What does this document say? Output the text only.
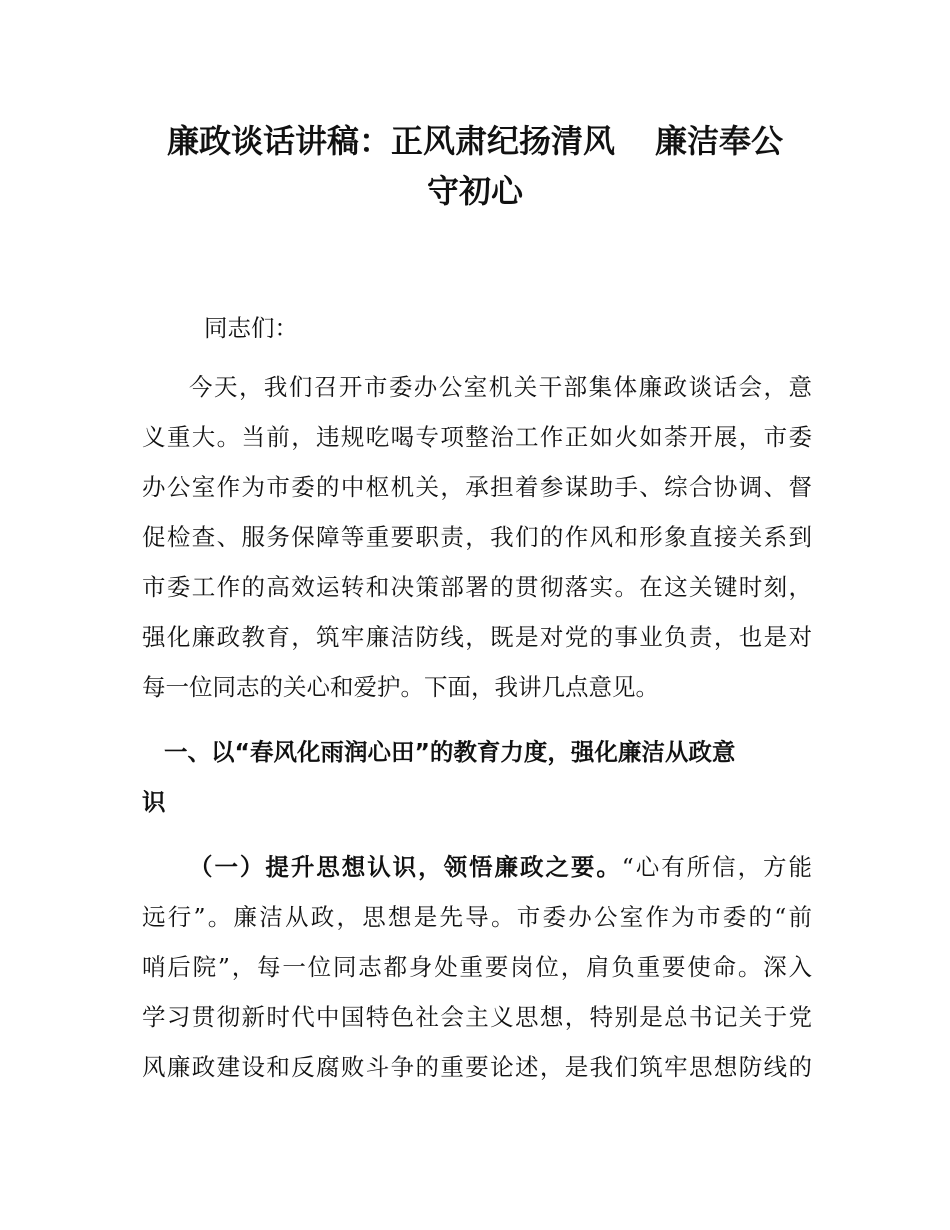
廉政谈话讲稿：正风肃纪扬清风 廉洁奉公
守初心

同志们：

今天，我们召开市委办公室机关干部集体廉政谈话会，意
义重大。当前，违规吃喝专项整治工作正如火如荼开展，市委
办公室作为市委的中枢机关，承担着参谋助手、综合协调、督
促检查、服务保障等重要职责，我们的作风和形象直接关系到
市委工作的高效运转和决策部署的贯彻落实。在这关键时刻，
强化廉政教育，筑牢廉洁防线，既是对党的事业负责，也是对
每一位同志的关心和爱护。下面，我讲几点意见。
一、以“春风化雨润心田”的教育力度，强化廉洁从政意
识
（一）提升思想认识，领悟廉政之要。“心有所信，方能
远行”。廉洁从政，思想是先导。市委办公室作为市委的“前
哨后院”，每一位同志都身处重要岗位，肩负重要使命。深入
学习贯彻新时代中国特色社会主义思想，特别是总书记关于党
风廉政建设和反腐败斗争的重要论述，是我们筑牢思想防线的
